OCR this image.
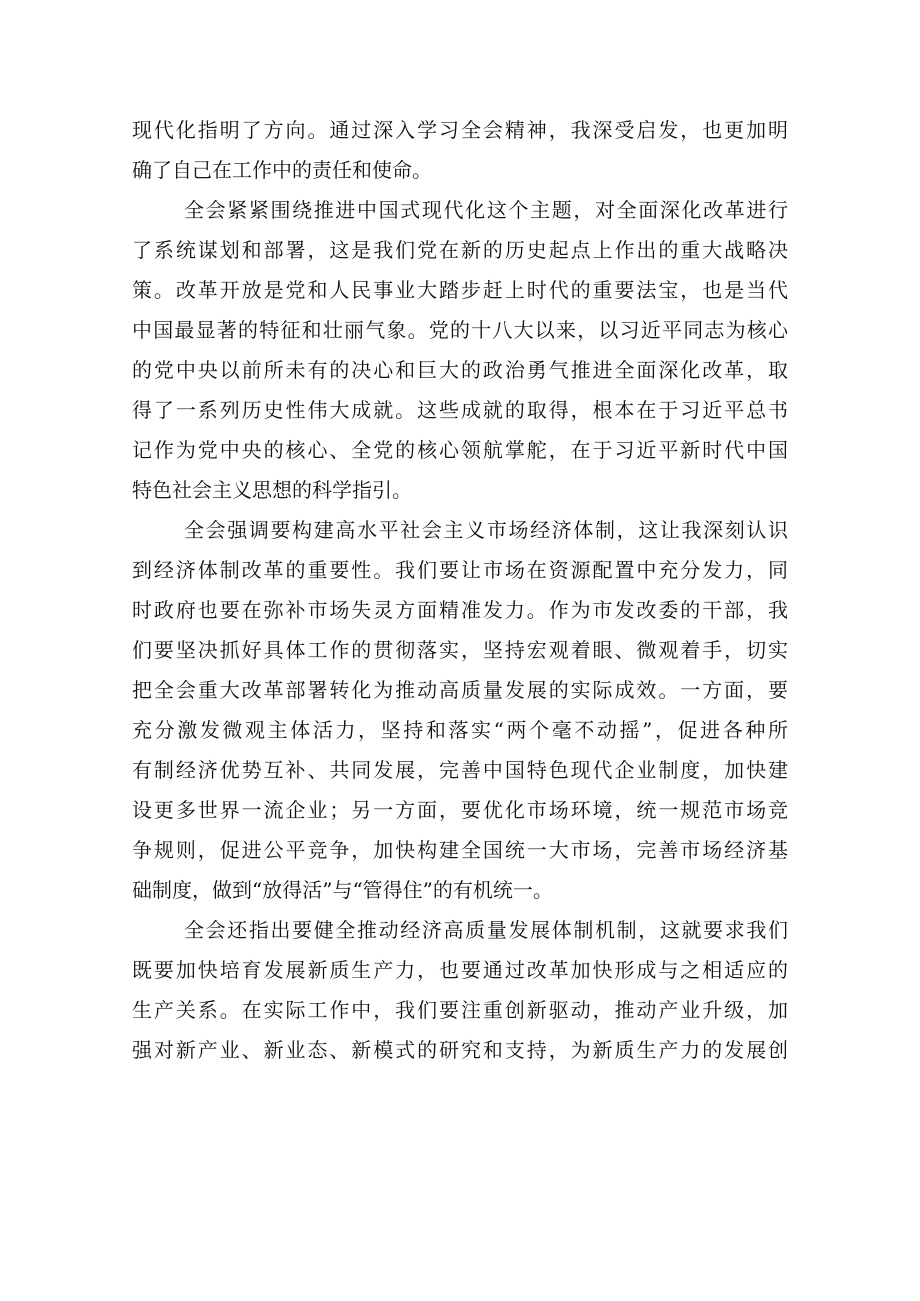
现代化指明了方向。通过深入学习全会精神，我深受启发，也更加明
确了自己在工作中的责任和使命。
全会紧紧围绕推进中国式现代化这个主题，对全面深化改革进行
了系统谋划和部署，这是我们党在新的历史起点上作出的重大战略决
策。改革开放是党和人民事业大踏步赶上时代的重要法宝，也是当代
中国最显著的特征和壮丽气象。党的十八大以来，以习近平同志为核心
的党中央以前所未有的决心和巨大的政治勇气推进全面深化改革，取
得了一系列历史性伟大成就。这些成就的取得，根本在于习近平总书
记作为党中央的核心、全党的核心领航掌舵，在于习近平新时代中国
特色社会主义思想的科学指引。
全会强调要构建高水平社会主义市场经济体制，这让我深刻认识
到经济体制改革的重要性。我们要让市场在资源配置中充分发力，同
时政府也要在弥补市场失灵方面精准发力。作为市发改委的干部，我
们要坚决抓好具体工作的贯彻落实，坚持宏观着眼、微观着手，切实
把全会重大改革部署转化为推动高质量发展的实际成效。一方面，要
充分激发微观主体活力，坚持和落实“两个毫不动摇”，促进各种所
有制经济优势互补、共同发展，完善中国特色现代企业制度，加快建
设更多世界一流企业；另一方面，要优化市场环境，统一规范市场竞
争规则，促进公平竞争，加快构建全国统一大市场，完善市场经济基
础制度，做到“放得活”与“管得住”的有机统一。
全会还指出要健全推动经济高质量发展体制机制，这就要求我们
既要加快培育发展新质生产力，也要通过改革加快形成与之相适应的
生产关系。在实际工作中，我们要注重创新驱动，推动产业升级，加
强对新产业、新业态、新模式的研究和支持，为新质生产力的发展创
